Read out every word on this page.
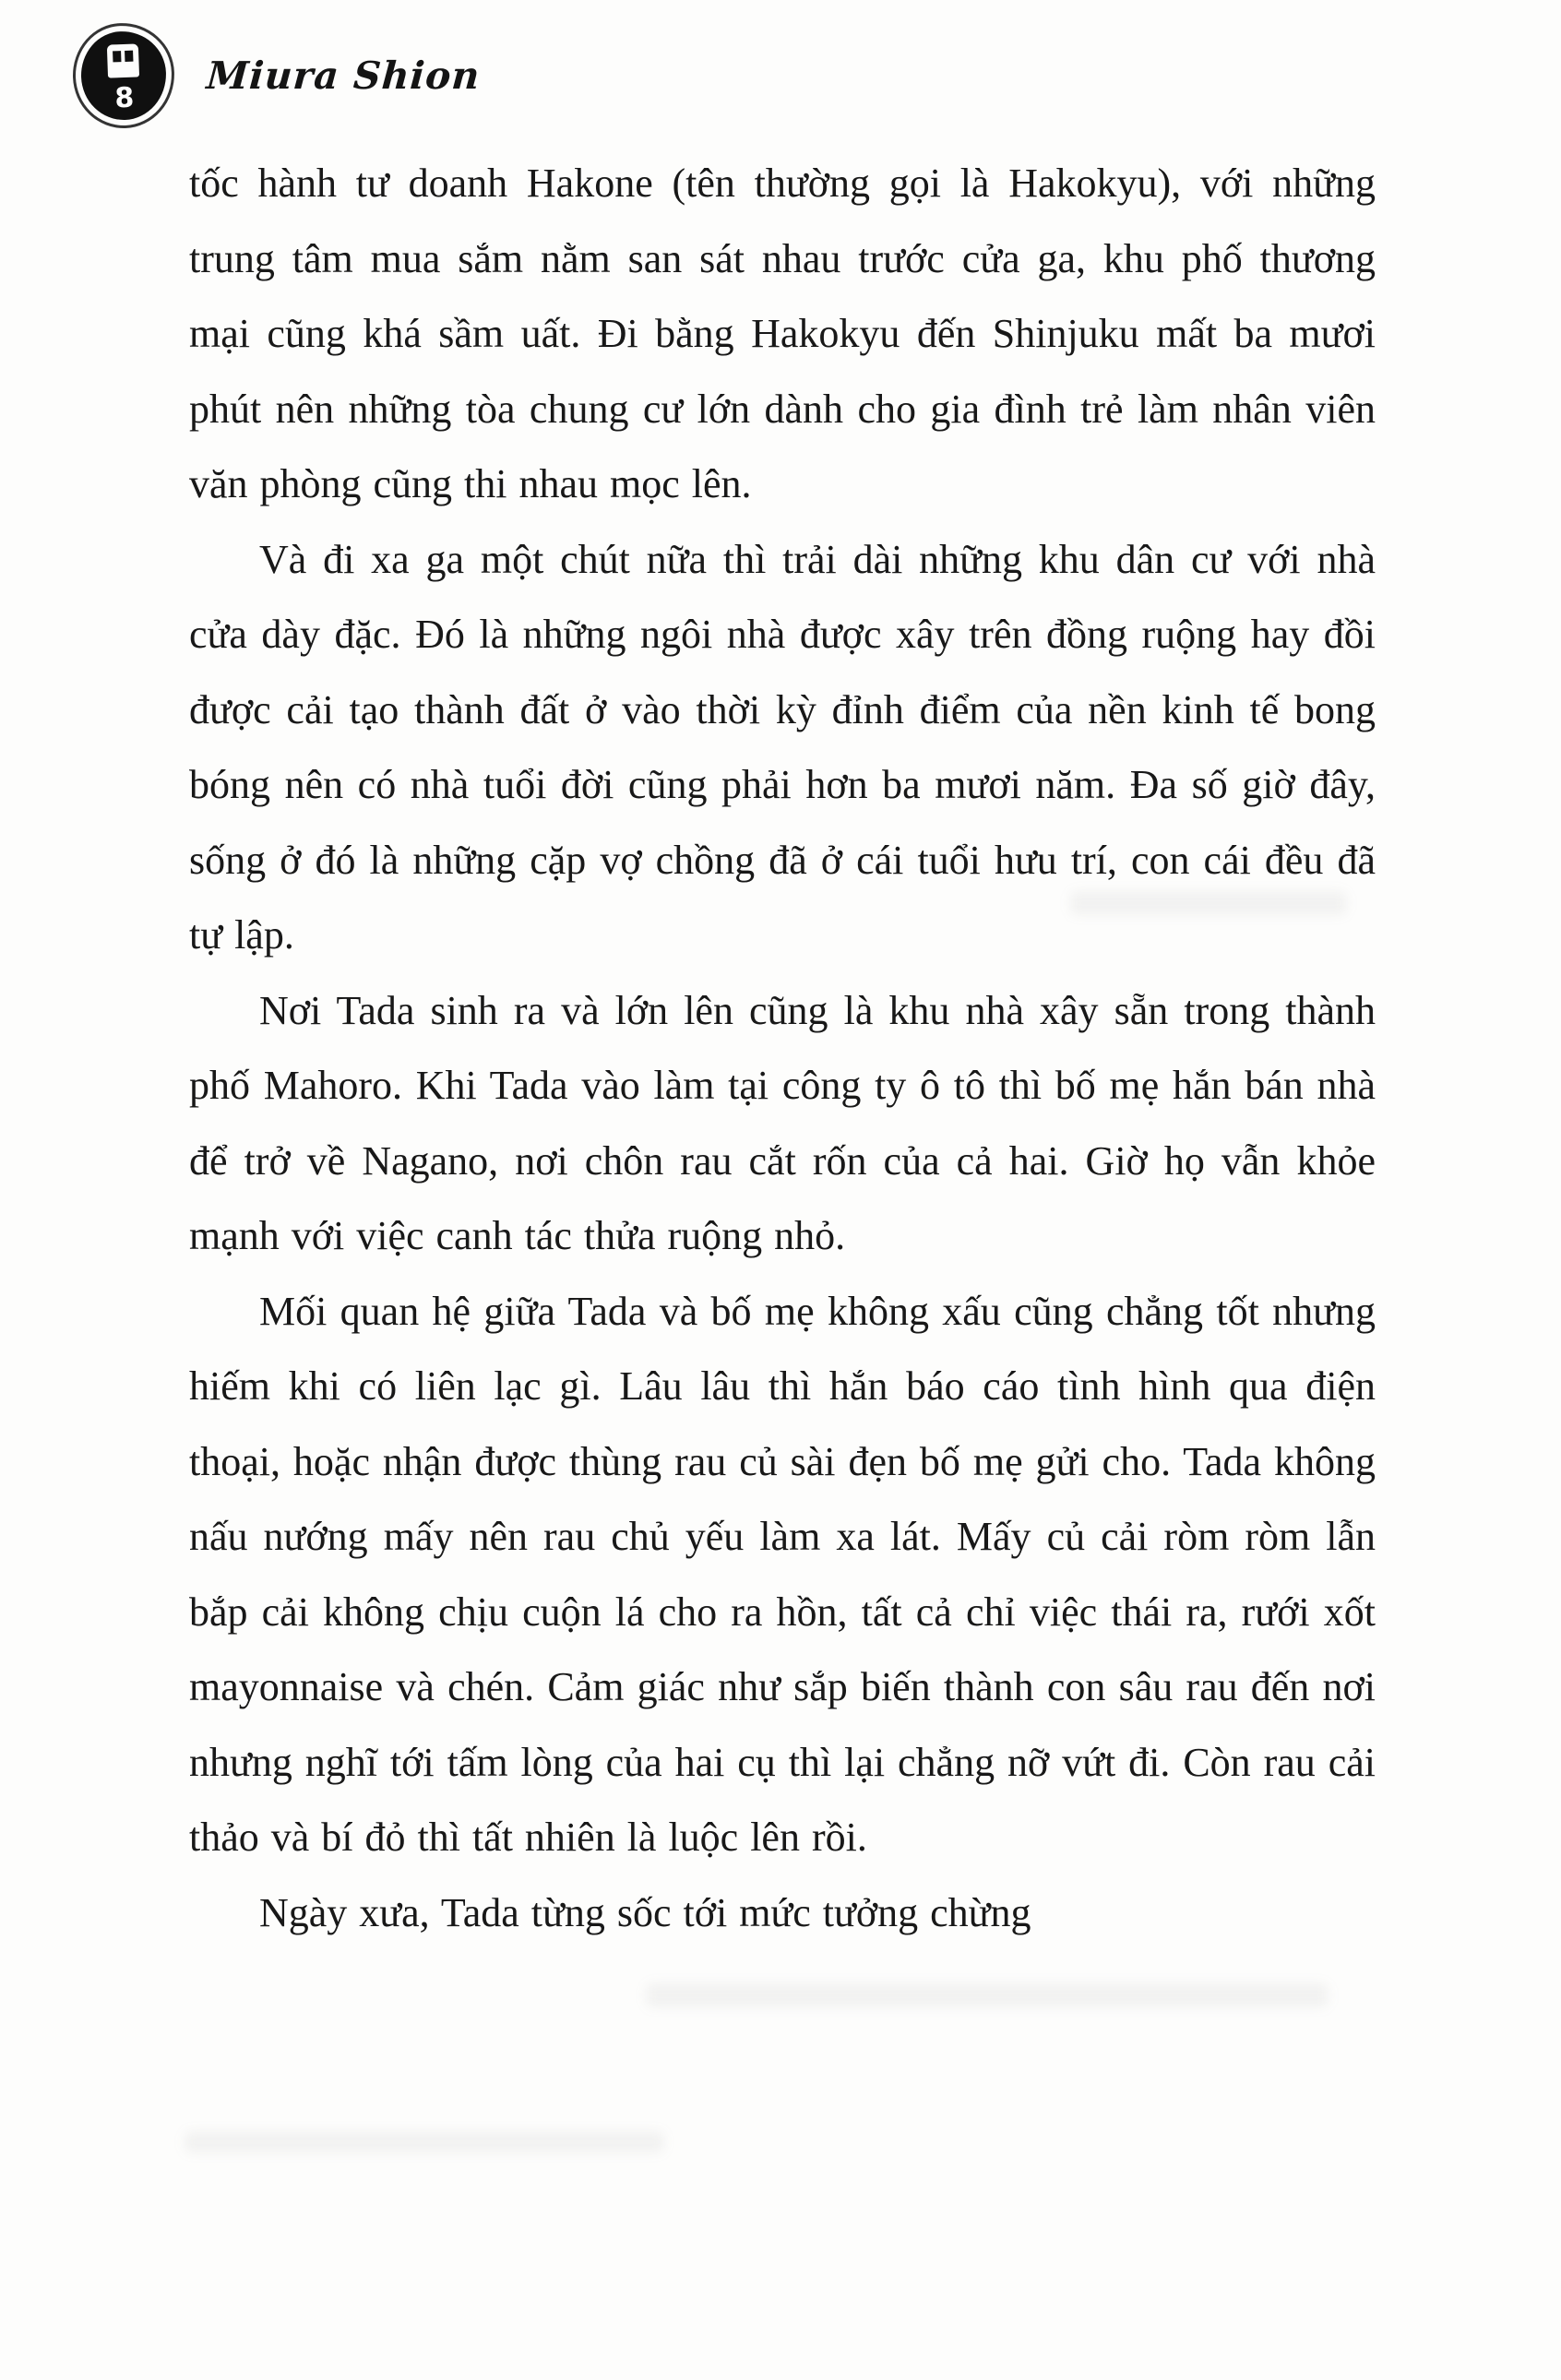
8
Miura Shion

tốc hành tư doanh Hakone (tên thường gọi là Hakokyu), với những trung tâm mua sắm nằm san sát nhau trước cửa ga, khu phố thương mại cũng khá sầm uất. Đi bằng Hakokyu đến Shinjuku mất ba mươi phút nên những tòa chung cư lớn dành cho gia đình trẻ làm nhân viên văn phòng cũng thi nhau mọc lên.

Và đi xa ga một chút nữa thì trải dài những khu dân cư với nhà cửa dày đặc. Đó là những ngôi nhà được xây trên đồng ruộng hay đồi được cải tạo thành đất ở vào thời kỳ đỉnh điểm của nền kinh tế bong bóng nên có nhà tuổi đời cũng phải hơn ba mươi năm. Đa số giờ đây, sống ở đó là những cặp vợ chồng đã ở cái tuổi hưu trí, con cái đều đã tự lập.

Nơi Tada sinh ra và lớn lên cũng là khu nhà xây sẵn trong thành phố Mahoro. Khi Tada vào làm tại công ty ô tô thì bố mẹ hắn bán nhà để trở về Nagano, nơi chôn rau cắt rốn của cả hai. Giờ họ vẫn khỏe mạnh với việc canh tác thửa ruộng nhỏ.

Mối quan hệ giữa Tada và bố mẹ không xấu cũng chẳng tốt nhưng hiếm khi có liên lạc gì. Lâu lâu thì hắn báo cáo tình hình qua điện thoại, hoặc nhận được thùng rau củ sài đẹn bố mẹ gửi cho. Tada không nấu nướng mấy nên rau chủ yếu làm xa lát. Mấy củ cải ròm ròm lẫn bắp cải không chịu cuộn lá cho ra hồn, tất cả chỉ việc thái ra, rưới xốt mayonnaise và chén. Cảm giác như sắp biến thành con sâu rau đến nơi nhưng nghĩ tới tấm lòng của hai cụ thì lại chẳng nỡ vứt đi. Còn rau cải thảo và bí đỏ thì tất nhiên là luộc lên rồi.

Ngày xưa, Tada từng sốc tới mức tưởng chừng
